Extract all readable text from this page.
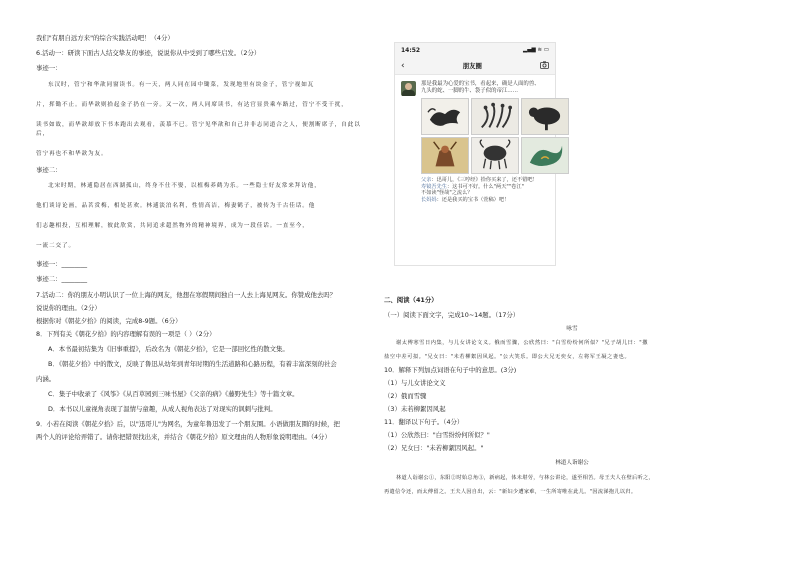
我们"有朋自远方来"的综合实践活动吧！（4分）
6.活动一：研读下面古人结交挚友的事迹，说说你从中受到了哪些启发。（2分）
事迹一：
东汉时，管宁和华歆同窗读书。有一天，两人同在园中锄菜，发现地里有块金子，管宁视如瓦
片，挥锄不止。而华歆则拾起金子扔在一旁。又一次，两人同席读书，有达官显贵乘车路过，管宁不受干扰，
读书如故，而华歆却放下书本跑出去观看，羡慕不已。管宁见华歆和自己并非志同道合之人，便割断席子，自此以后，
管宁再也不和华歆为友。
事迹二：
北宋时期，林逋隐居在西湖孤山，终身不仕不娶，以植梅养鹤为乐。一些隐士好友常来拜访他，
他们谈诗论画，品茗赏梅，相处甚欢。林逋淡泊名利，性情高洁，梅妻鹤子，被传为千古佳话。他
们志趣相投，互相理解，彼此欣赏，共同追求超然物外的精神境界，成为一段佳话。一直至今，
一流二交了。
事迹一：________
事迹二：________
7.活动二：你的朋友小明认识了一位上海的网友，他想在寒假期间独自一人去上海见网友。你赞成他去吗？
说说你的理由。（2分）
根据你对《朝花夕拾》的阅读，完成8-9题。（6分）
8．下列有关《朝花夕拾》的内容理解有误的一项是（ ）（2分）
A．本书最初结集为《旧事重提》，后改名为《朝花夕拾》，它是一部回忆性的散文集。
B．《朝花夕拾》中的散文，反映了鲁迅从幼年到青年时期的生活道路和心路历程，有着丰富深刻的社会
内涵。
C．集子中收录了《风筝》《从百草园到三味书屋》《父亲的病》《藤野先生》等十篇文章。
D．本书以儿童视角表现了温情与童趣，从成人视角表达了对现实的讽刺与批判。
9．小若在阅读《朝花夕拾》后，以"迅哥儿"为网名，为童年鲁迅发了一个朋友圈。小语做朋友圈的时候，把
两个人的评论给弄错了。请你把错误找出来，并结合《朝花夕拾》原文理由的人物形象说明理由。（4分）
14:52	▂▄▆ ≋ ▭
‹	朋友圈
那是我最为心爱的宝书，看起来，确是人面的兽、
九头的蛇、一脚的牛、袋子似的帝江……
父亲：迅哥儿，《三哼经》拾你买来了，还不错吧！
寿镜吾先生：这书可不好。什么"两天""卷江"
不如读"怪哉"之流么？
长妈妈：还是我买的宝书（萱稿）吧！
二、阅读（41分）
（一）阅读下面文字，完成10~14题。（17分）
咏雪
谢太傅寒雪日内集，与儿女讲论文义。俄而雪骤，公欣然曰："白雪纷纷何所似？"兄子胡儿曰："撒
盐空中差可拟。"兄女曰："未若柳絮因风起。"公大笑乐。即公大兄无奕女，左将军王凝之妻也。
10．解释下列加点词语在句子中的意思。(3分)
（1）与儿女讲论文义
（2）俄而雪骤
（3）未若柳絮因风起
11．翻译以下句子。（4分）
（1）公欣然曰："白雪纷纷何所似？"
（2）兄女曰："未若柳絮因风起。"
林道人诣谢公
林道人诣谢公①，东阳②时始总角③，新病起，体未堪劳，与林公讲论，遂至相苦。母王夫人在壁后听之，
再遣信令还，而太傅留之。王夫人因自出，云："新妇少遭家难，一生所寄唯在此儿。"因流涕抱儿以归。
